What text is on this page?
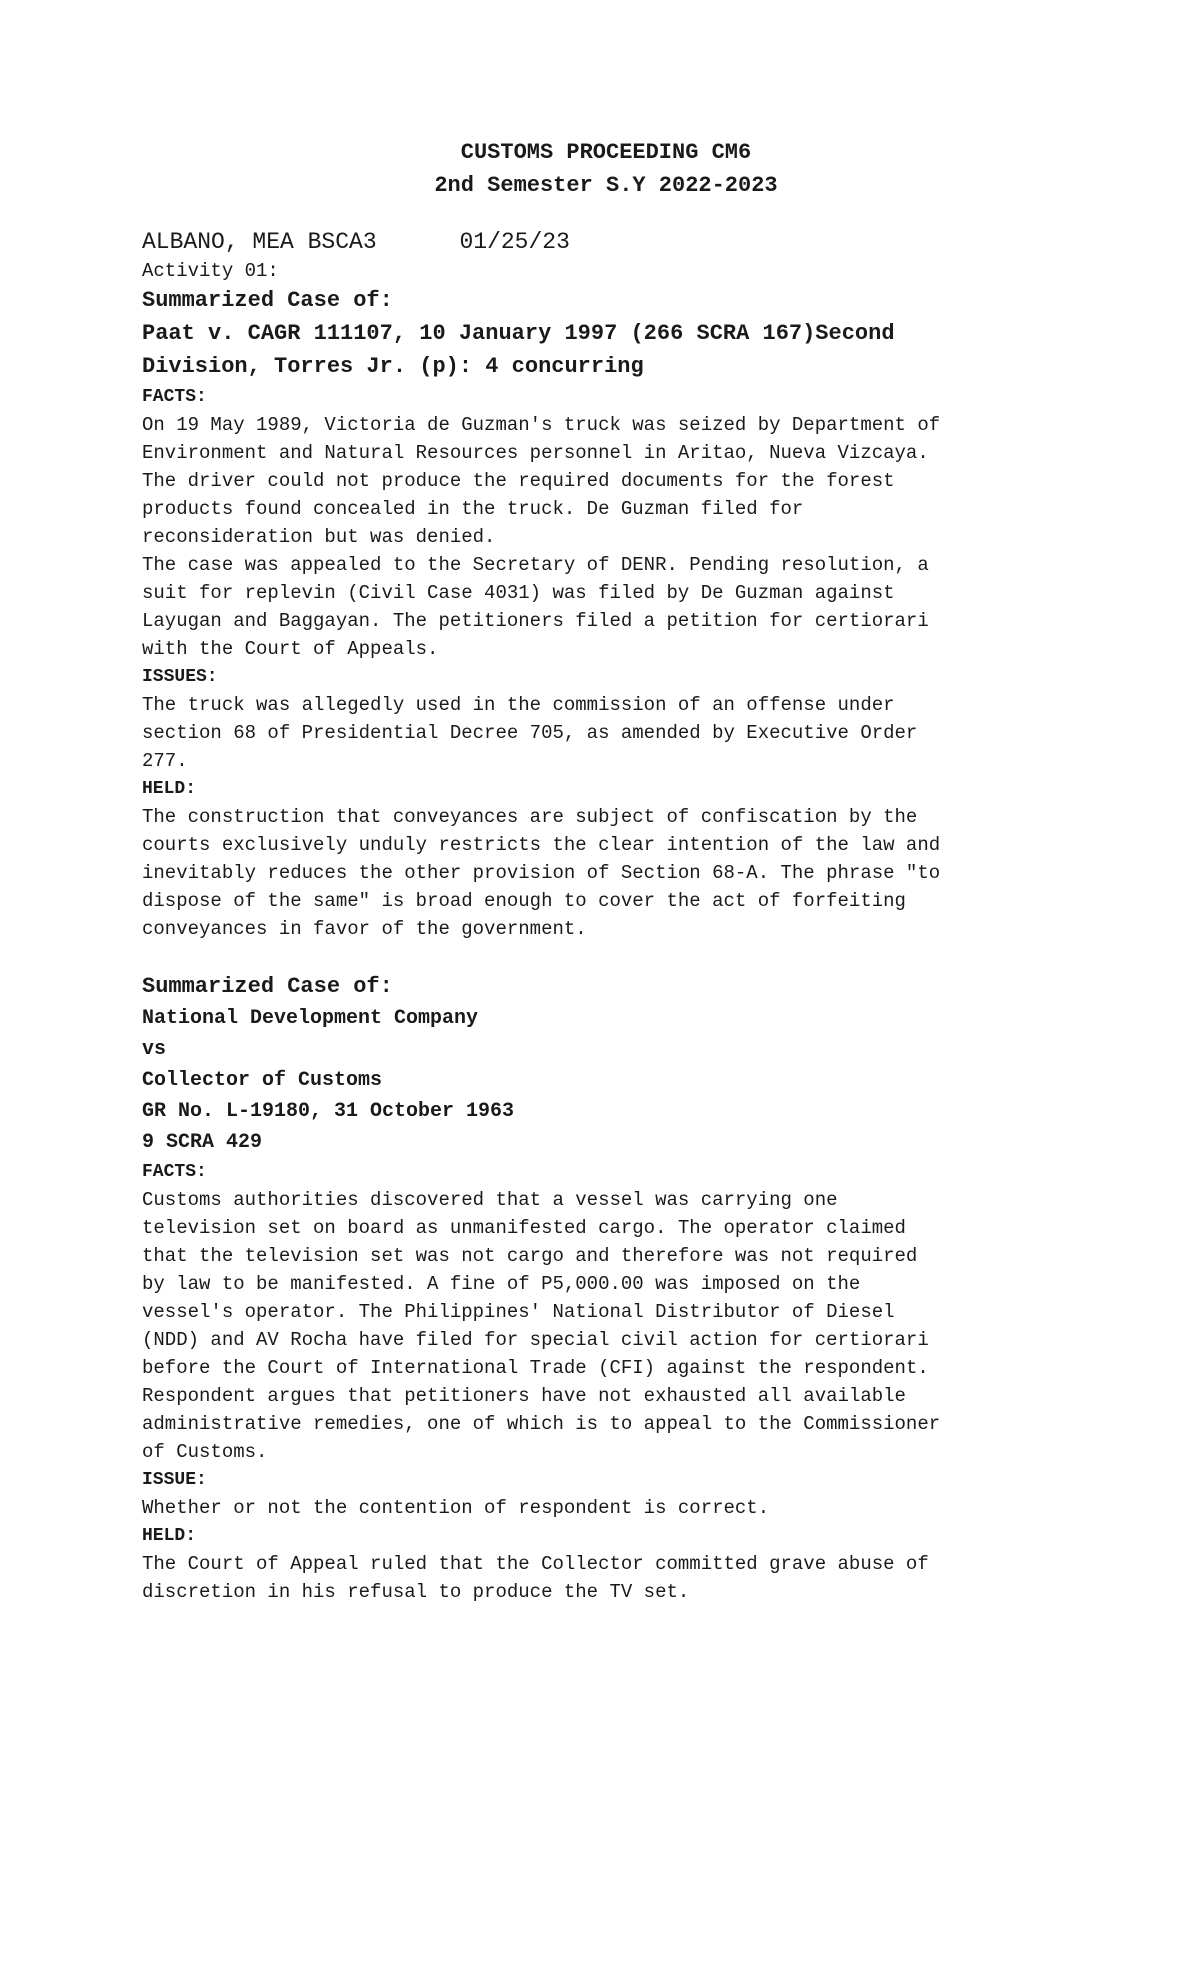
CUSTOMS PROCEEDING CM6
2nd Semester S.Y 2022-2023
ALBANO, MEA BSCA3	01/25/23
Activity 01:
Summarized Case of:
Paat v. CAGR 111107, 10 January 1997 (266 SCRA 167)Second
Division, Torres Jr. (p): 4 concurring
FACTS:

On 19 May 1989, Victoria de Guzman's truck was seized by Department of
Environment and Natural Resources personnel in Aritao, Nueva Vizcaya.
The driver could not produce the required documents for the forest
products found concealed in the truck. De Guzman filed for
reconsideration but was denied.

The case was appealed to the Secretary of DENR. Pending resolution, a
suit for replevin (Civil Case 4031) was filed by De Guzman against
Layugan and Baggayan. The petitioners filed a petition for certiorari
with the Court of Appeals.

ISSUES:

The truck was allegedly used in the commission of an offense under
section 68 of Presidential Decree 705, as amended by Executive Order
277.

HELD:

The construction that conveyances are subject of confiscation by the
courts exclusively unduly restricts the clear intention of the law and
inevitably reduces the other provision of Section 68-A. The phrase "to
dispose of the same" is broad enough to cover the act of forfeiting
conveyances in favor of the government.

Summarized Case of:
National Development Company
vs
Collector of Customs
GR No. L-19180, 31 October 1963
9 SCRA 429
FACTS:

Customs authorities discovered that a vessel was carrying one
television set on board as unmanifested cargo. The operator claimed
that the television set was not cargo and therefore was not required
by law to be manifested. A fine of P5,000.00 was imposed on the
vessel's operator. The Philippines' National Distributor of Diesel
(NDD) and AV Rocha have filed for special civil action for certiorari
before the Court of International Trade (CFI) against the respondent.
Respondent argues that petitioners have not exhausted all available
administrative remedies, one of which is to appeal to the Commissioner
of Customs.

ISSUE:

Whether or not the contention of respondent is correct.

HELD:

The Court of Appeal ruled that the Collector committed grave abuse of
discretion in his refusal to produce the TV set.
